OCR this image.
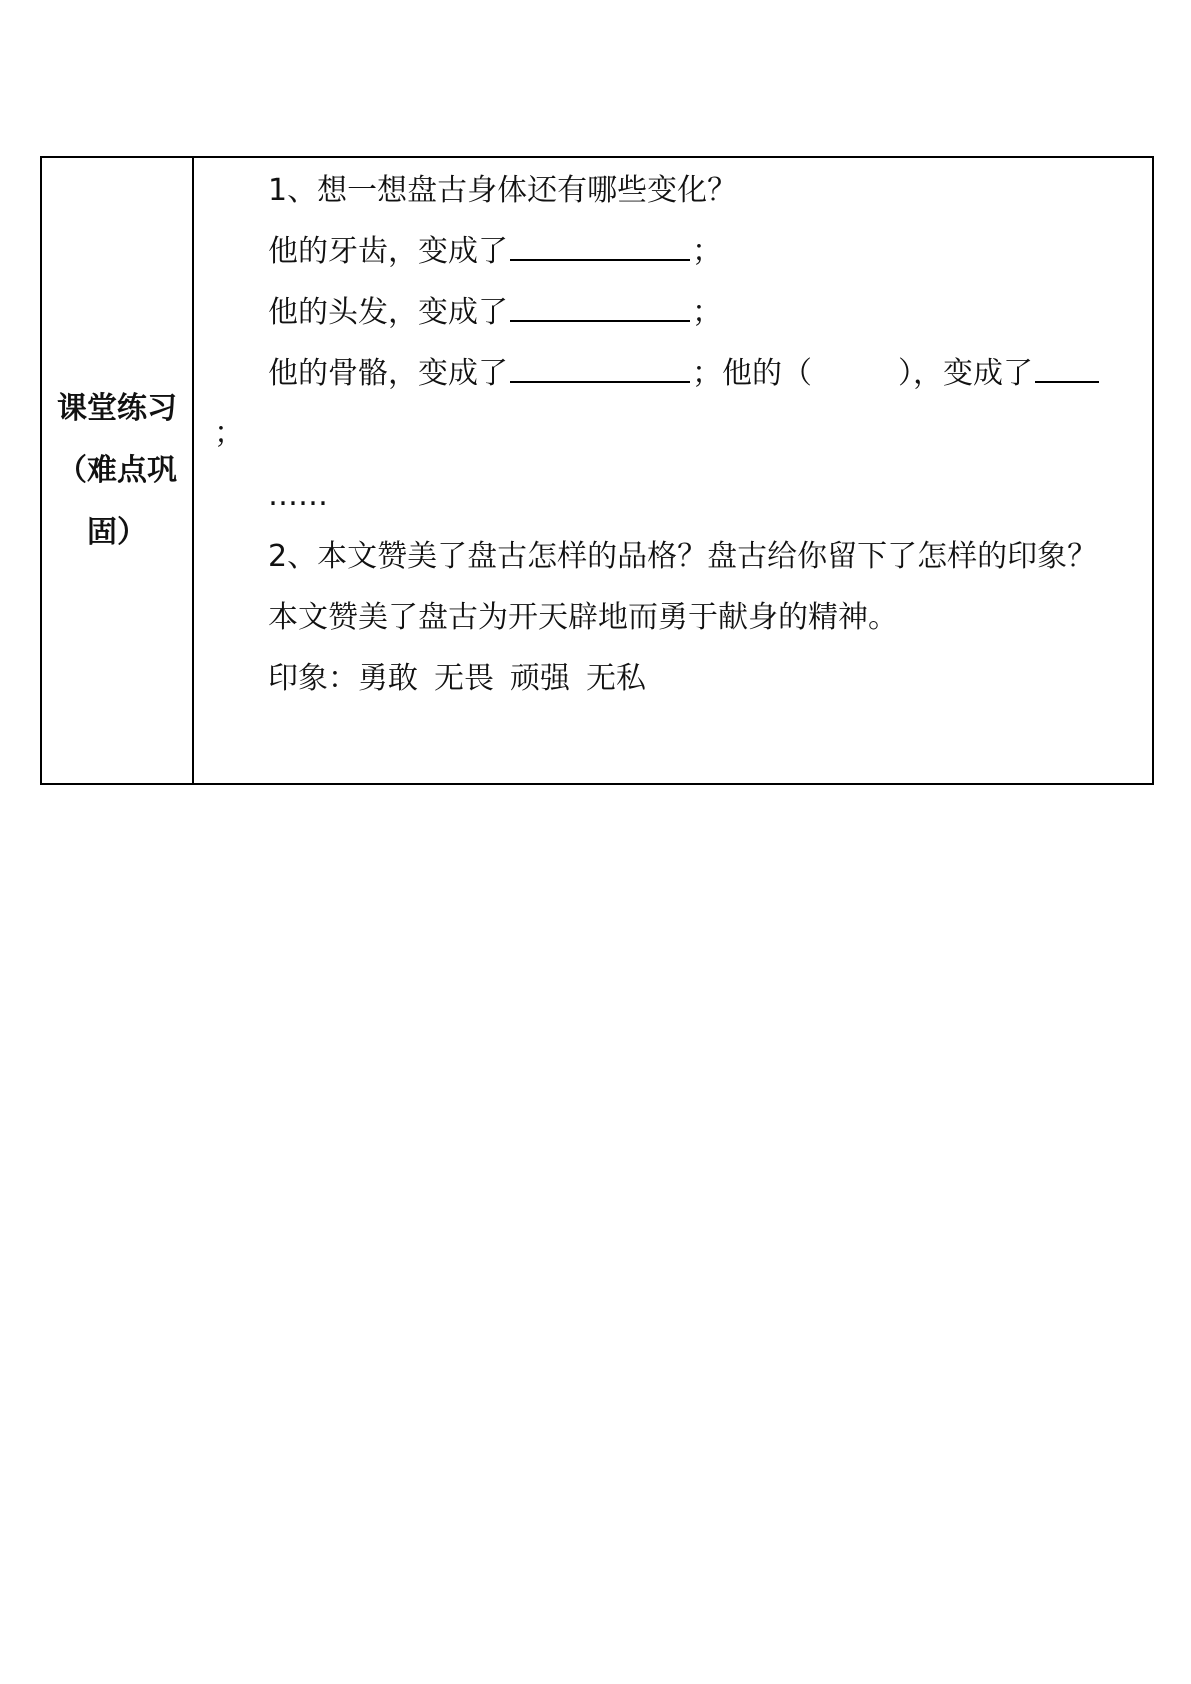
课堂练习（难点巩固）

1、想一想盘古身体还有哪些变化？
他的牙齿，变成了	；
他的头发，变成了	；
他的骨骼，变成了	；他的（	），变成了
；
……
2、本文赞美了盘古怎样的品格？盘古给你留下了怎样的印象？
本文赞美了盘古为开天辟地而勇于献身的精神。
印象：勇敢 无畏 顽强 无私
